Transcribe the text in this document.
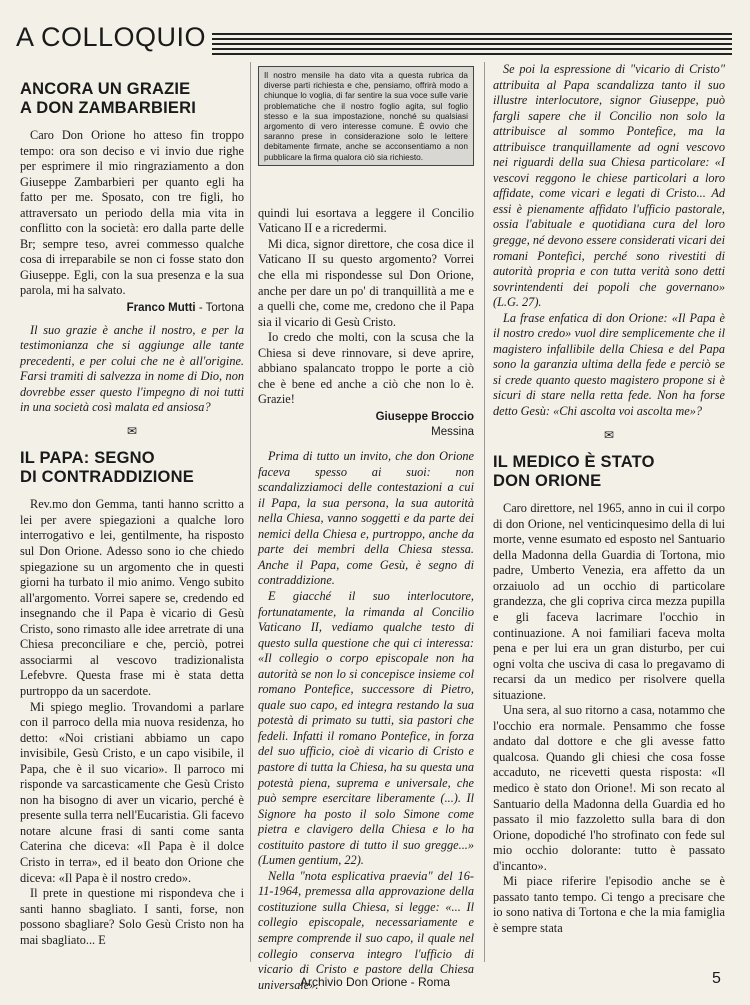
A COLLOQUIO
ANCORA UN GRAZIE
A DON ZAMBARBIERI

Caro Don Orione ho atteso fin troppo tempo: ora son deciso e vi invio due righe per esprimere il mio ringraziamento a don Giuseppe Zambarbieri per quanto egli ha fatto per me. Sposato, con tre figli, ho attraversato un periodo della mia vita in conflitto con la società: ero dalla parte delle Br; sempre teso, avrei commesso qualche cosa di irreparabile se non ci fosse stato don Giuseppe. Egli, con la sua presenza e la sua parola, mi ha salvato.

Franco Mutti - Tortona

Il suo grazie è anche il nostro, e per la testimonianza che si aggiunge alle tante precedenti, e per colui che ne è all'origine. Farsi tramiti di salvezza in nome di Dio, non dovrebbe esser questo l'impegno di noi tutti in una società così malata ed ansiosa?

✉
IL PAPA: SEGNO
DI CONTRADDIZIONE

Rev.mo don Gemma, tanti hanno scritto a lei per avere spiegazioni a qualche loro interrogativo e lei, gentilmente, ha risposto sul Don Orione. Adesso sono io che chiedo spiegazione su un argomento che in questi giorni ha turbato il mio animo. Vengo subito all'argomento. Vorrei sapere se, credendo ed insegnando che il Papa è vicario di Gesù Cristo, sono rimasto alle idee arretrate di una Chiesa preconciliare e che, perciò, potrei associarmi al vescovo tradizionalista Lefebvre. Questa frase mi è stata detta purtroppo da un sacerdote.

Mi spiego meglio. Trovandomi a parlare con il parroco della mia nuova residenza, ho detto: «Noi cristiani abbiamo un capo invisibile, Gesù Cristo, e un capo visibile, il Papa, che è il suo vicario». Il parroco mi risponde va sarcasticamente che Gesù Cristo non ha bisogno di aver un vicario, perché è presente sulla terra nell'Eucaristia. Gli facevo notare alcune frasi di santi come santa Caterina che diceva: «Il Papa è il dolce Cristo in terra», ed il beato don Orione che diceva: «Il Papa è il nostro credo».

Il prete in questione mi rispondeva che i santi hanno sbagliato. I santi, forse, non possono sbagliare? Solo Gesù Cristo non ha mai sbagliato... E

Il nostro mensile ha dato vita a questa rubrica da diverse parti richiesta e che, pensiamo, offrirà modo a chiunque lo voglia, di far sentire la sua voce sulle varie problematiche che il nostro foglio agita, sul foglio stesso e la sua impostazione, nonché su qualsiasi argomento di vero interesse comune. È ovvio che saranno prese in considerazione solo le lettere debitamente firmate, anche se acconsentiamo a non pubblicare la firma qualora ciò sia richiesto.

quindi lui esortava a leggere il Concilio Vaticano II e a ricredermi.

Mi dica, signor direttore, che cosa dice il Vaticano II su questo argomento? Vorrei che ella mi rispondesse sul Don Orione, anche per dare un po' di tranquillità a me e a quelli che, come me, credono che il Papa sia il vicario di Gesù Cristo.

Io credo che molti, con la scusa che la Chiesa si deve rinnovare, si deve aprire, abbiano spalancato troppo le porte a ciò che è bene ed anche a ciò che non lo è. Grazie!

Giuseppe Broccio
Messina

Prima di tutto un invito, che don Orione faceva spesso ai suoi: non scandalizziamoci delle contestazioni a cui il Papa, la sua persona, la sua autorità nella Chiesa, vanno soggetti e da parte dei nemici della Chiesa e, purtroppo, anche da parte dei membri della Chiesa stessa. Anche il Papa, come Gesù, è segno di contraddizione.

E giacché il suo interlocutore, fortunatamente, la rimanda al Concilio Vaticano II, vediamo qualche testo di questo sulla questione che qui ci interessa: «Il collegio o corpo episcopale non ha autorità se non lo si concepisce insieme col romano Pontefice, successore di Pietro, quale suo capo, ed integra restando la sua potestà di primato su tutti, sia pastori che fedeli. Infatti il romano Pontefice, in forza del suo ufficio, cioè di vicario di Cristo e pastore di tutta la Chiesa, ha su questa una potestà piena, suprema e universale, che può sempre esercitare liberamente (...). Il Signore ha posto il solo Simone come pietra e clavigero della Chiesa e lo ha costituito pastore di tutto il suo gregge...» (Lumen gentium, 22).

Nella "nota esplicativa praevia" del 16-11-1964, premessa alla approvazione della costituzione sulla Chiesa, si legge: «... Il collegio episcopale, necessariamente e sempre comprende il suo capo, il quale nel collegio conserva integro l'ufficio di vicario di Cristo e pastore della Chiesa universale».

Se poi la espressione di "vicario di Cristo" attribuita al Papa scandalizza tanto il suo illustre interlocutore, signor Giuseppe, può fargli sapere che il Concilio non solo la attribuisce al sommo Pontefice, ma la attribuisce tranquillamente ad ogni vescovo nei riguardi della sua Chiesa particolare: «I vescovi reggono le chiese particolari a loro affidate, come vicari e legati di Cristo... Ad essi è pienamente affidato l'ufficio pastorale, ossia l'abituale e quotidiana cura del loro gregge, né devono essere considerati vicari dei romani Pontefici, perché sono rivestiti di autorità propria e con tutta verità sono detti sovrintendenti dei popoli che governano» (L.G. 27).

La frase enfatica di don Orione: «Il Papa è il nostro credo» vuol dire semplicemente che il magistero infallibile della Chiesa e del Papa sono la garanzia ultima della fede e perciò se si crede quanto questo magistero propone si è sicuri di stare nella retta fede. Non ha forse detto Gesù: «Chi ascolta voi ascolta me»?

✉
IL MEDICO È STATO
DON ORIONE

Caro direttore, nel 1965, anno in cui il corpo di don Orione, nel venticinquesimo della di lui morte, venne esumato ed esposto nel Santuario della Madonna della Guardia di Tortona, mio padre, Umberto Venezia, era affetto da un orzaiuolo ad un occhio di particolare grandezza, che gli copriva circa mezza pupilla e gli faceva lacrimare l'occhio in continuazione. A noi familiari faceva molta pena e per lui era un gran disturbo, per cui ogni volta che usciva di casa lo pregavamo di recarsi da un medico per risolvere quella situazione.

Una sera, al suo ritorno a casa, notammo che l'occhio era normale. Pensammo che fosse andato dal dottore e che gli avesse fatto qualcosa. Quando gli chiesi che cosa fosse accaduto, ne ricevetti questa risposta: «Il medico è stato don Orione!. Mi son recato al Santuario della Madonna della Guardia ed ho passato il mio fazzoletto sulla bara di don Orione, dopodiché l'ho strofinato con fede sul mio occhio dolorante: tutto è passato d'incanto».

Mi piace riferire l'episodio anche se è passato tanto tempo. Ci tengo a precisare che io sono nativa di Tortona e che la mia famiglia è sempre stata

Archivio Don Orione - Roma	5
